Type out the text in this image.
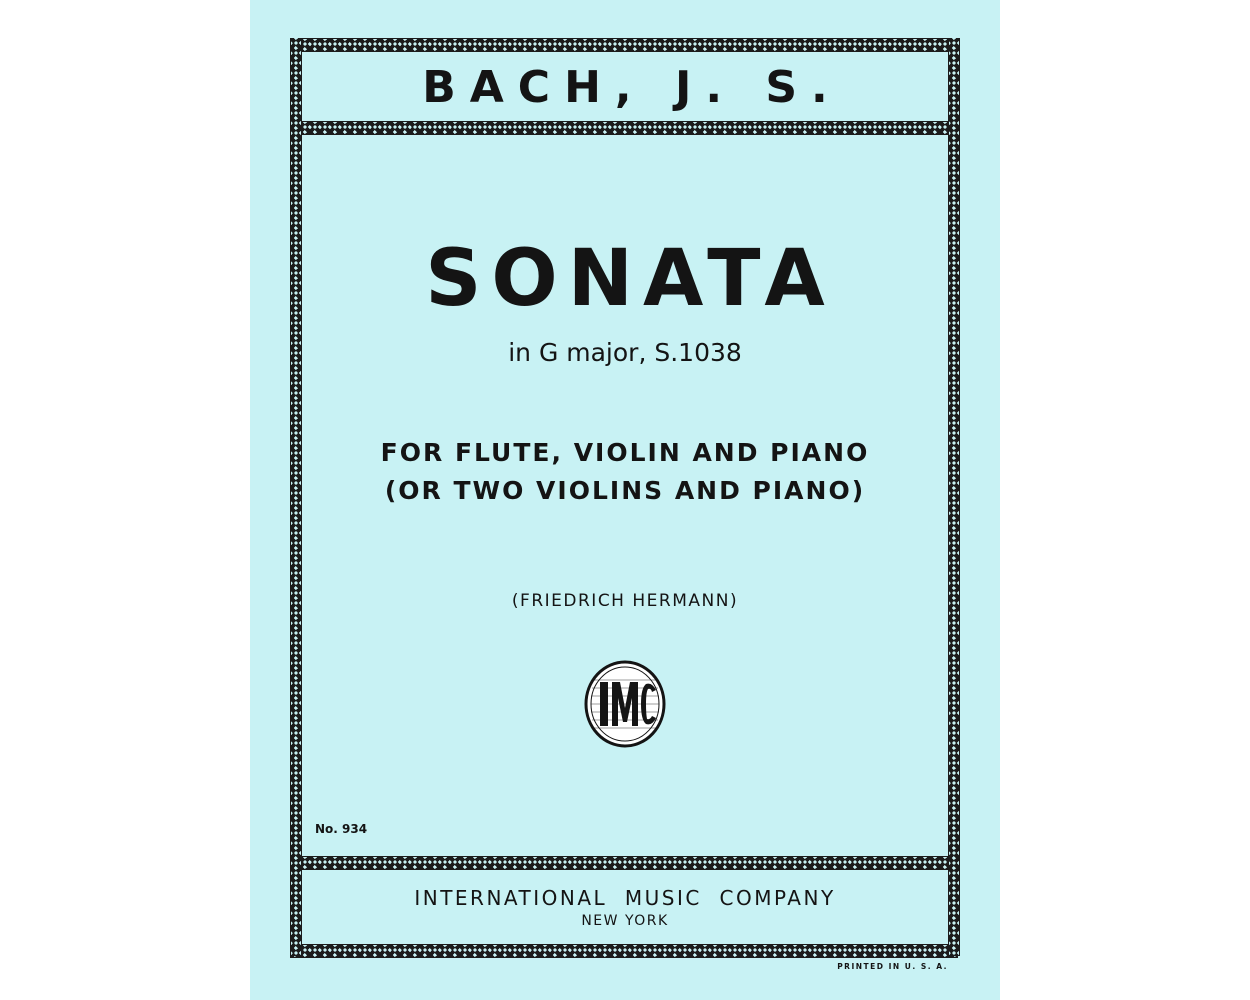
BACH, J. S.
SONATA
in G major, S.1038
FOR FLUTE, VIOLIN AND PIANO
(OR TWO VIOLINS AND PIANO)
(FRIEDRICH HERMANN)
No. 934
INTERNATIONAL  MUSIC  COMPANY
NEW YORK
PRINTED IN U. S. A.
